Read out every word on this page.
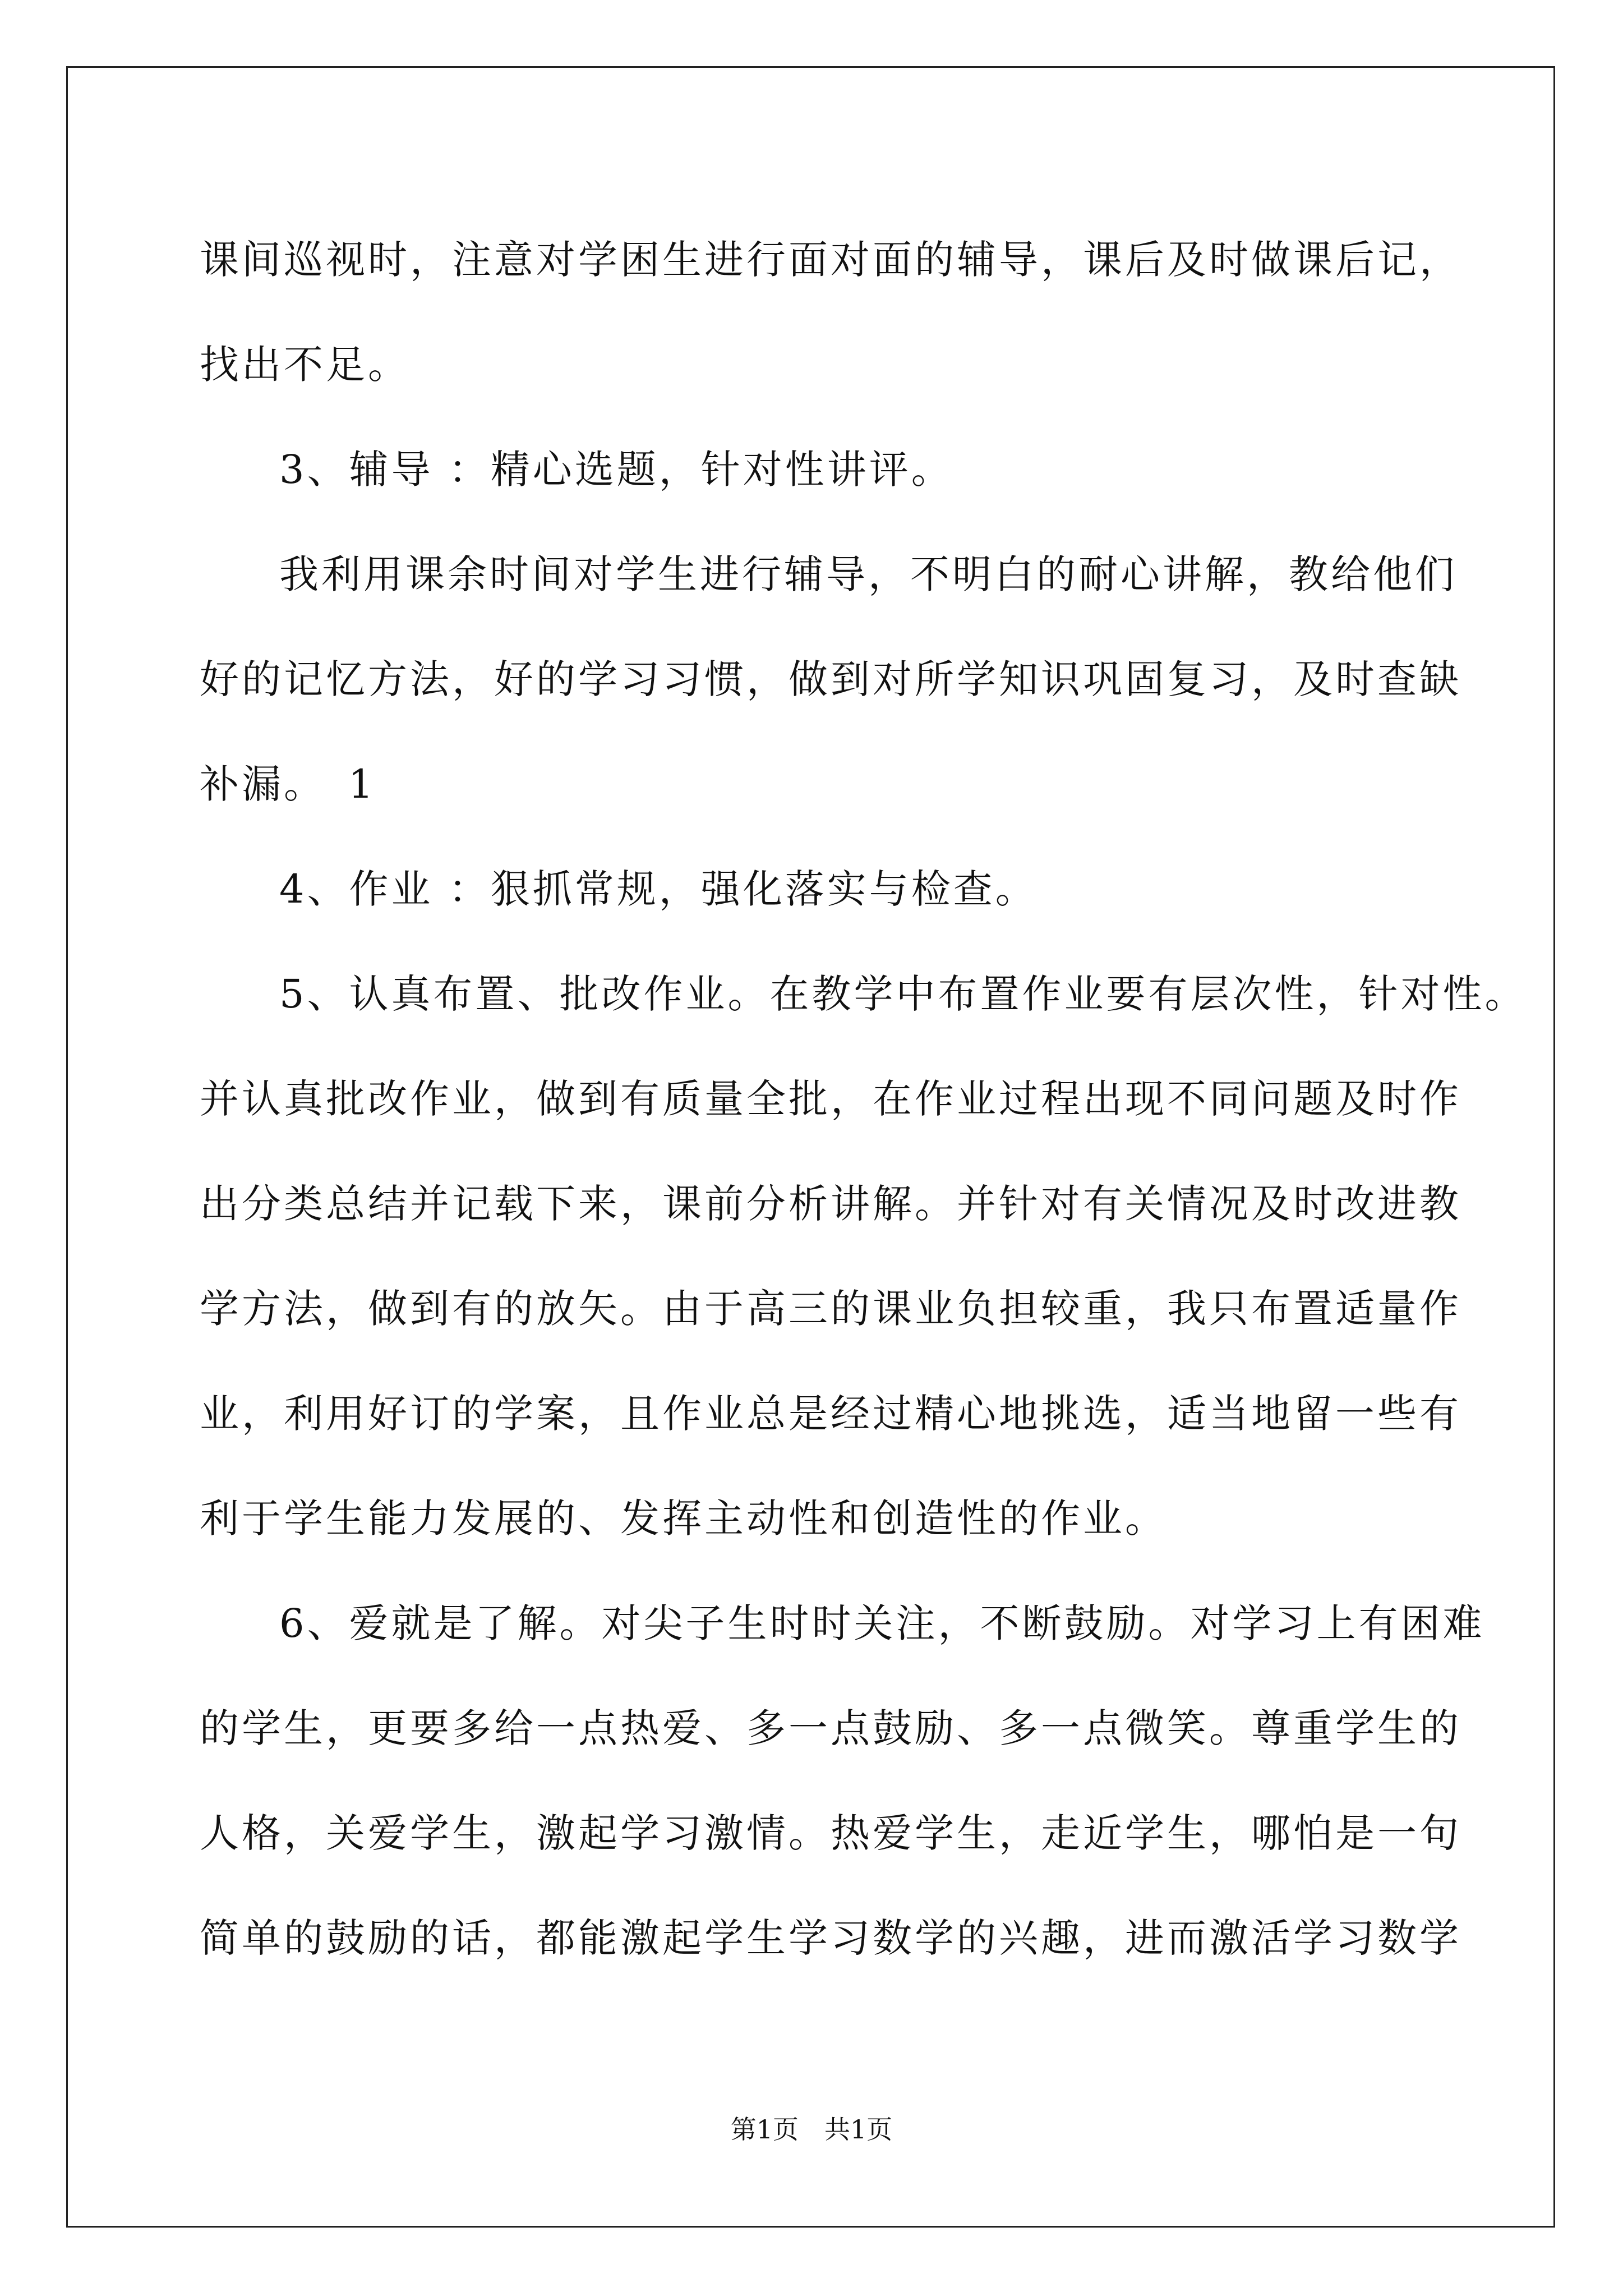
课间巡视时，注意对学困生进行面对面的辅导，课后及时做课后记，
找出不足。
3、辅导 ：精心选题，针对性讲评。
我利用课余时间对学生进行辅导，不明白的耐心讲解，教给他们
好的记忆方法，好的学习习惯，做到对所学知识巩固复习，及时查缺
补漏。　1
4、作业 ：狠抓常规，强化落实与检查。
5、认真布置、批改作业。在教学中布置作业要有层次性，针对性。
并认真批改作业，做到有质量全批，在作业过程出现不同问题及时作
出分类总结并记载下来，课前分析讲解。并针对有关情况及时改进教
学方法，做到有的放矢。由于高三的课业负担较重，我只布置适量作
业，利用好订的学案，且作业总是经过精心地挑选，适当地留一些有
利于学生能力发展的、发挥主动性和创造性的作业。
6、爱就是了解。对尖子生时时关注，不断鼓励。对学习上有困难
的学生，更要多给一点热爱、多一点鼓励、多一点微笑。尊重学生的
人格，关爱学生，激起学习激情。热爱学生，走近学生，哪怕是一句
简单的鼓励的话，都能激起学生学习数学的兴趣，进而激活学习数学
第1页　共1页
